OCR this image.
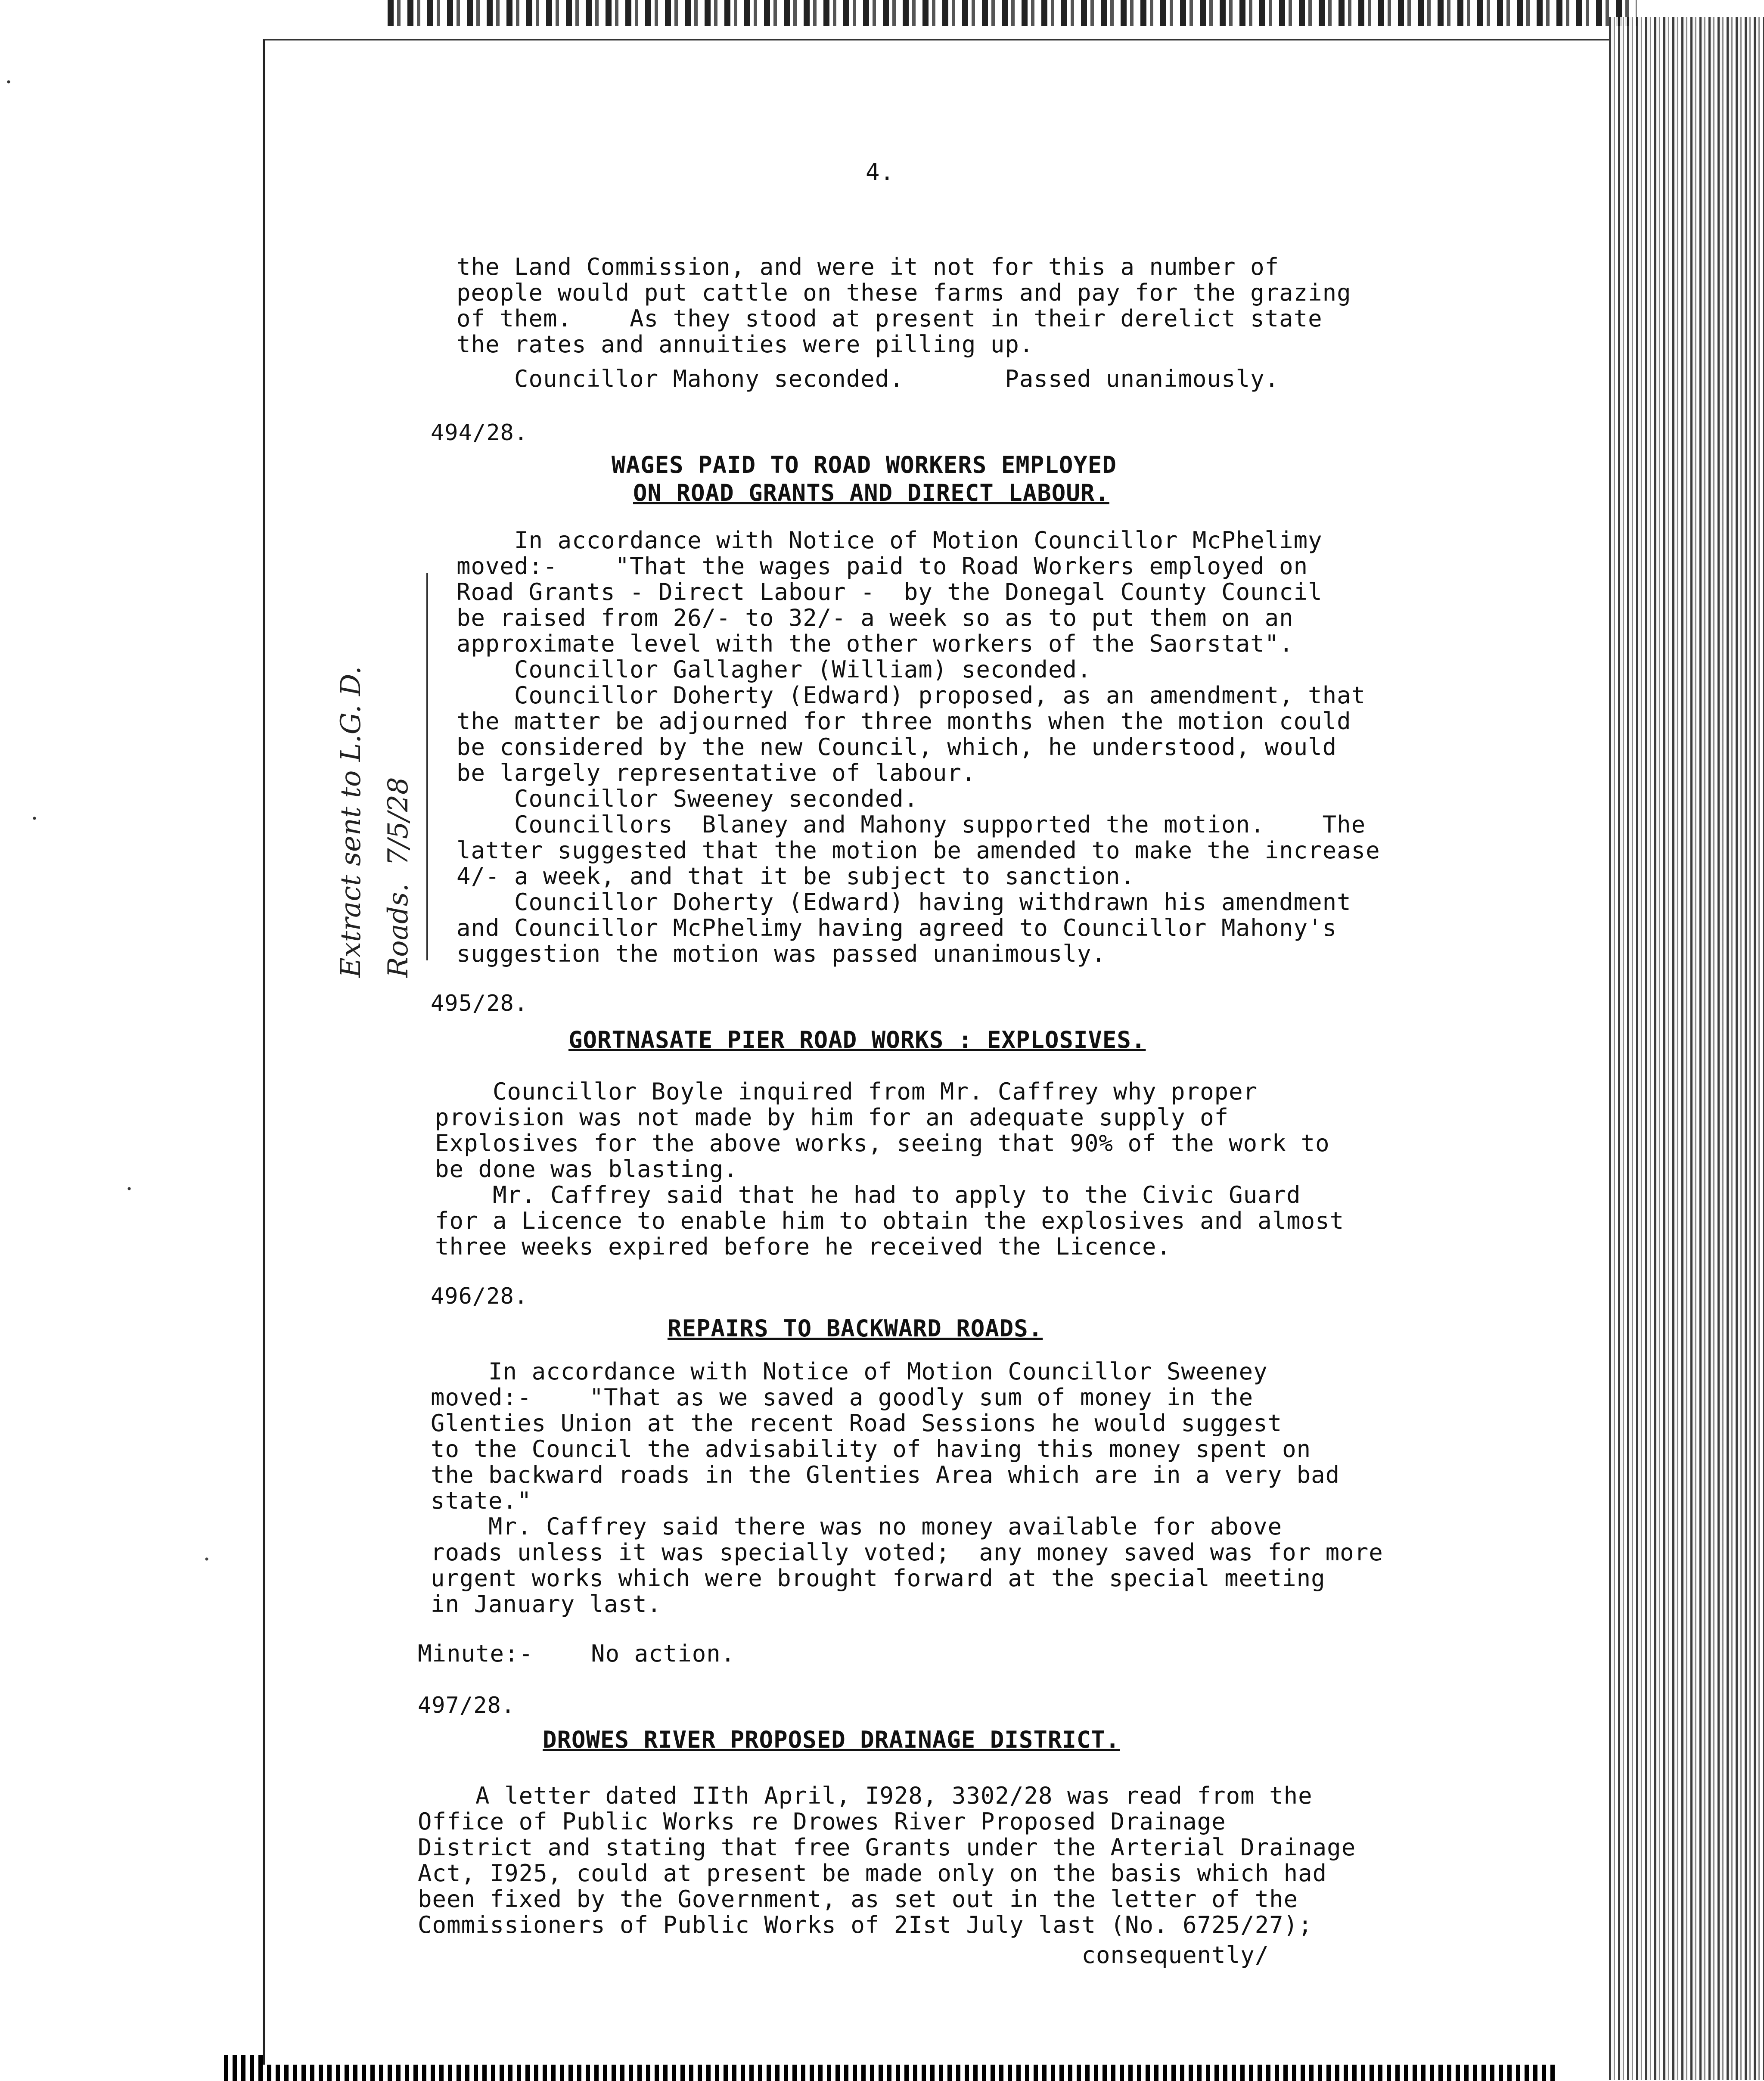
4.
the Land Commission, and were it not for this a number of
people would put cattle on these farms and pay for the grazing
of them.    As they stood at present in their derelict state
the rates and annuities were pilling up.
Councillor Mahony seconded.       Passed unanimously.
494/28.
WAGES PAID TO ROAD WORKERS EMPLOYED
ON ROAD GRANTS AND DIRECT LABOUR.
In accordance with Notice of Motion Councillor McPhelimy
moved:-    "That the wages paid to Road Workers employed on
Road Grants - Direct Labour -  by the Donegal County Council
be raised from 26/- to 32/- a week so as to put them on an
approximate level with the other workers of the Saorstat".
Councillor Gallagher (William) seconded.
Councillor Doherty (Edward) proposed, as an amendment, that
the matter be adjourned for three months when the motion could
be considered by the new Council, which, he understood, would
be largely representative of labour.
Councillor Sweeney seconded.
Councillors  Blaney and Mahony supported the motion.    The
latter suggested that the motion be amended to make the increase
4/- a week, and that it be subject to sanction.
Councillor Doherty (Edward) having withdrawn his amendment
and Councillor McPhelimy having agreed to Councillor Mahony's
suggestion the motion was passed unanimously.
495/28.
GORTNASATE PIER ROAD WORKS : EXPLOSIVES.
Councillor Boyle inquired from Mr. Caffrey why proper
provision was not made by him for an adequate supply of
Explosives for the above works, seeing that 90% of the work to
be done was blasting.
Mr. Caffrey said that he had to apply to the Civic Guard
for a Licence to enable him to obtain the explosives and almost
three weeks expired before he received the Licence.
496/28.
REPAIRS TO BACKWARD ROADS.
In accordance with Notice of Motion Councillor Sweeney
moved:-    "That as we saved a goodly sum of money in the
Glenties Union at the recent Road Sessions he would suggest
to the Council the advisability of having this money spent on
the backward roads in the Glenties Area which are in a very bad
state."
Mr. Caffrey said there was no money available for above
roads unless it was specially voted;  any money saved was for more
urgent works which were brought forward at the special meeting
in January last.
Minute:-    No action.
497/28.
DROWES RIVER PROPOSED DRAINAGE DISTRICT.
A letter dated IIth April, I928, 3302/28 was read from the
Office of Public Works re Drowes River Proposed Drainage
District and stating that free Grants under the Arterial Drainage
Act, I925, could at present be made only on the basis which had
been fixed by the Government, as set out in the letter of the
Commissioners of Public Works of 2Ist July last (No. 6725/27);
consequently/
Extract sent to L.G. D. Roads.  7/5/28
